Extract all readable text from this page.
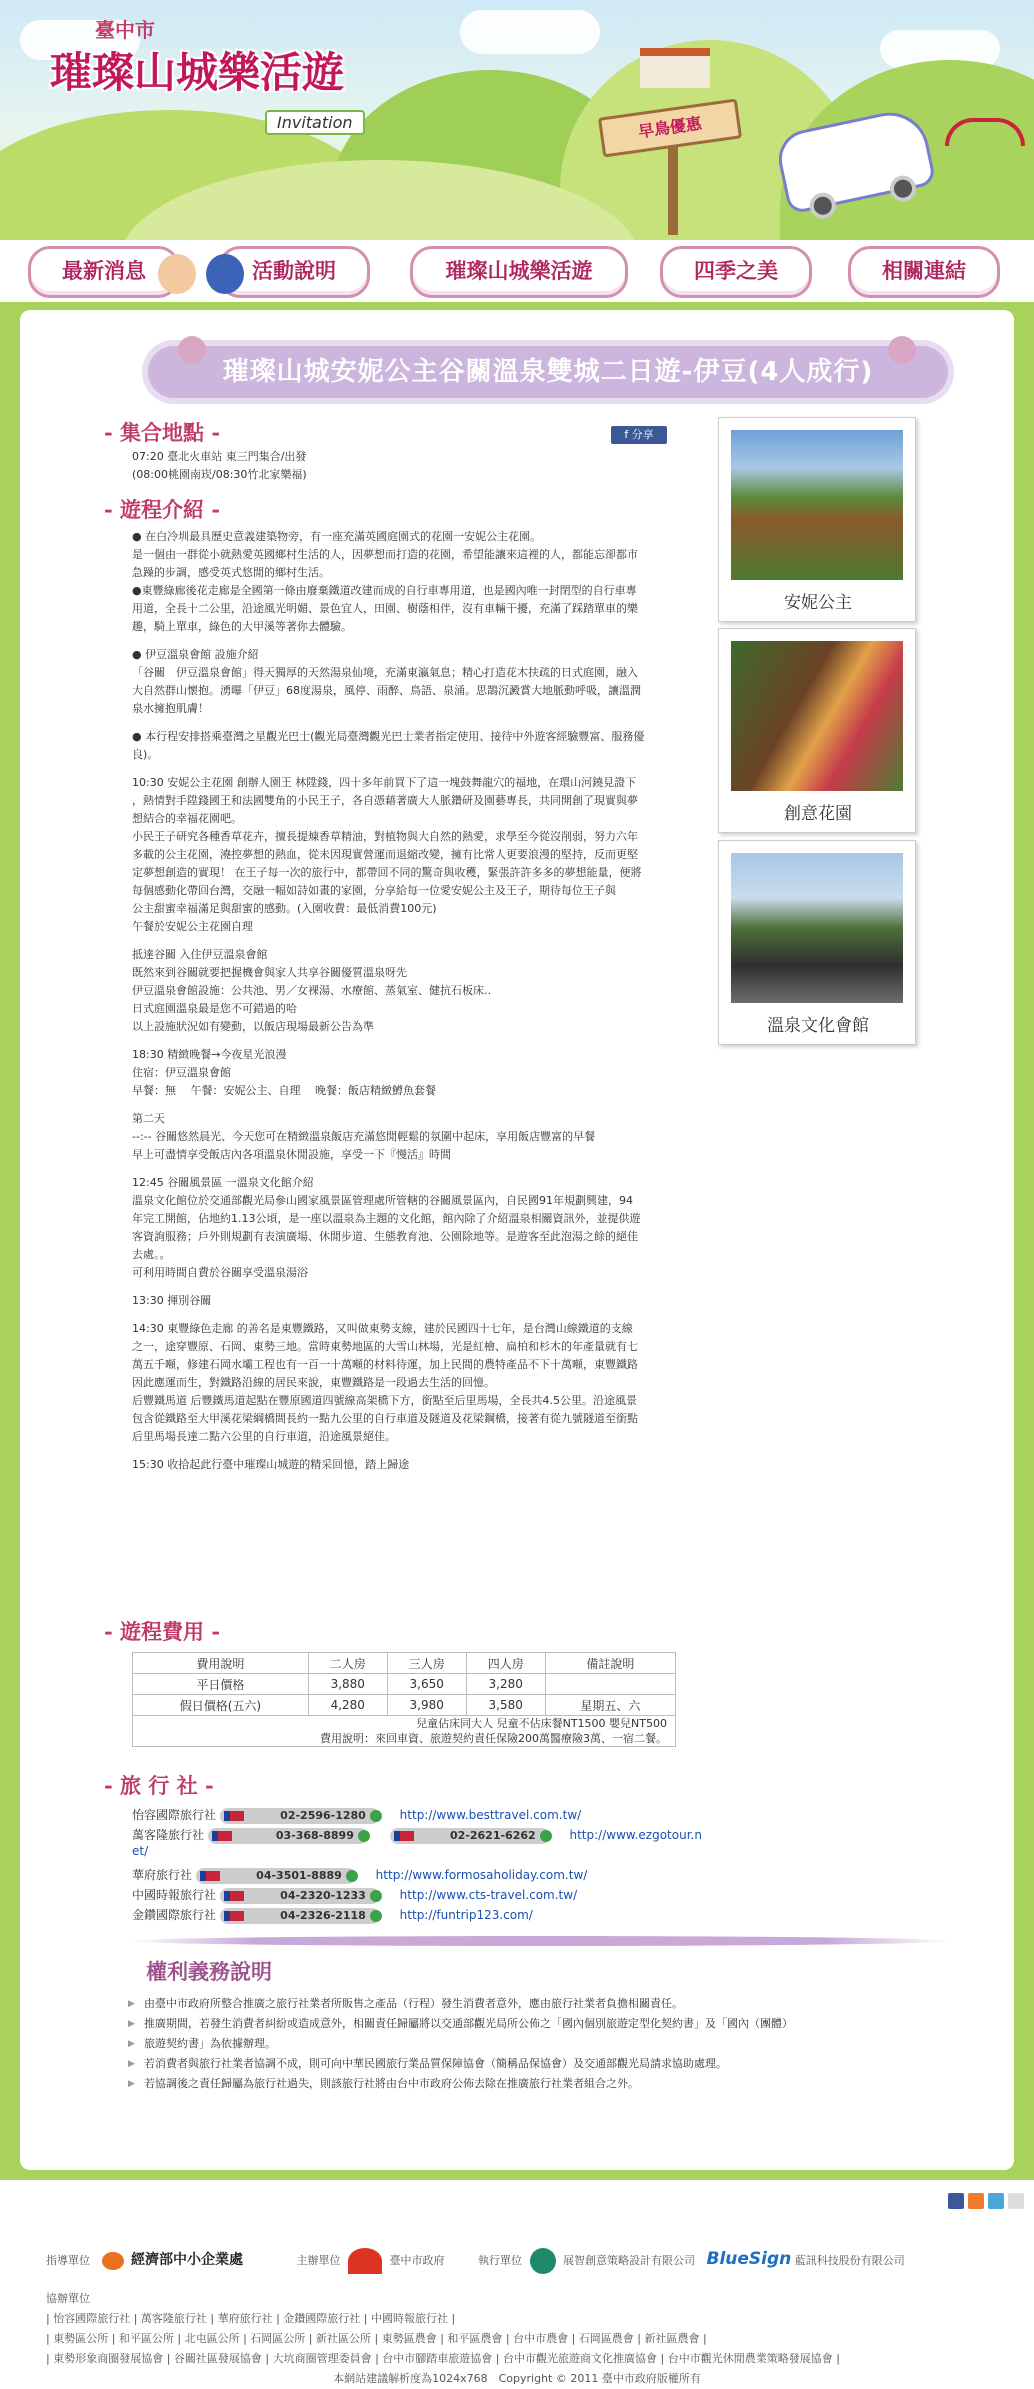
臺中市
璀璨山城樂活遊
Invitation	早鳥優惠
最新消息	活動說明	璀璨山城樂活遊	四季之美	相關連結
璀璨山城安妮公主谷關溫泉雙城二日遊-伊豆(4人成行)
- 集合地點 -	f 分享
07:20 臺北火車站 東三門集合/出發
(08:00桃園南崁/08:30竹北家樂福)
- 遊程介紹 -
● 在白冷圳最具歷史意義建築物旁，有一座充滿英國庭園式的花園一安妮公主花園。
是一個由一群從小就熱愛英國鄉村生活的人，因夢想而打造的花園，希望能讓來這裡的人，都能忘卻都市
急躁的步調，感受英式悠閒的鄉村生活。
●東豐綠廊後花走廊是全國第一條由廢棄鐵道改建而成的自行車專用道，也是國內唯一封閉型的自行車專
用道，全長十二公里，沿途風光明媚、景色宜人，田園、樹蔭相伴，沒有車輛干擾，充滿了踩踏單車的樂
趣，騎上單車，綠色的大甲溪等著你去體驗。
● 伊豆溫泉會館 設施介紹
「谷關　伊豆溫泉會館」得天獨厚的天然湯泉仙境，充滿東瀛氣息；精心打造花木扶疏的日式庭園，融入
大自然群山懷抱。湧曝「伊豆」68度湯泉，風停、雨醉、鳥語、泉涌。思鵲沉澱賞大地脈動呼吸，讓溫潤
泉水擁抱肌膚！
● 本行程安排搭乘臺灣之星觀光巴士(觀光局臺灣觀光巴士業者指定使用、接待中外遊客經驗豐富、服務優
良)。
10:30 安妮公主花園 創辦人園王 林陞錢，四十多年前買下了這一塊鼓舞龍穴的福地，在環山河鐃見證下
，熱情對手陞錢國王和法國雙角的小民王子，各自憑藉著廣大人脈鑽研及園藝專長，共同開創了現實與夢
想結合的幸福花園吧。
小民王子研究各種香草花卉，擅長提煉香草精油，對植物與大自然的熱愛，求學至今從沒削弱，努力六年
多載的公主花園，澆控夢想的熱血，從未因現實營運而退縮改變，擁有比常人更要浪漫的堅持，反而更堅
定夢想創造的實現！ 在王子每一次的旅行中，都帶回不同的驚奇與收穫，緊張許許多多的夢想能量，便將
每個感動化帶回台灣，交融一幅如詩如畫的家園，分享給每一位愛安妮公主及王子，期待每位王子與
公主甜蜜幸福滿足與甜蜜的感動。(入園收費：最低消費100元)
午餐於安妮公主花園自理
抵達谷關 入住伊豆溫泉會館
既然來到谷關就要把握機會與家人共享谷關優質溫泉呀先
伊豆溫泉會館設施：公共池、男／女裸湯、水療館、蒸氣室、健抗石板床..
日式庭園溫泉最是您不可錯過的哈
以上設施狀況如有變動，以飯店現場最新公告為準
18:30 精緻晚餐→今夜星光浪漫
住宿：伊豆溫泉會館
早餐：無　 午餐：安妮公主、自理　 晚餐：飯店精緻鱒魚套餐
第二天
--:-- 谷關悠然晨光、今天您可在精緻溫泉飯店充滿悠閒輕鬆的氛圍中起床，享用飯店豐富的早餐
早上可盡情享受飯店內各項溫泉休閒設施，享受一下『慢活』時間
12:45 谷關風景區 一溫泉文化館介紹
溫泉文化館位於交通部觀光局參山國家風景區管理處所管轄的谷關風景區內，自民國91年規劃興建，94
年完工開館，佔地約1.13公頃，是一座以溫泉為主題的文化館，館內除了介紹溫泉相關資訊外，並提供遊
客資詢服務；戶外則規劃有表演廣場、休閒步道、生態教育池、公園除地等。是遊客至此泡湯之餘的絕佳
去處。。
可利用時間自費於谷關享受溫泉湯浴
13:30 揮別谷關
14:30 東豐綠色走廊 的善名是東豐鐵路，又叫做東勢支線，建於民國四十七年，是台灣山線鐵道的支線
之一，途穿豐原、石岡、東勢三地。當時東勢地區的大雪山林場，光是紅檜、扁柏和杉木的年產量就有七
萬五千噸，修建石岡水壩工程也有一百一十萬噸的材料待運，加上民間的農特產品不下十萬噸，東豐鐵路
因此應運而生，對鐵路沿線的居民來說，東豐鐵路是一段過去生活的回憶。
后豐鐵馬道 后豐鐵馬道起點在豐原國道四號線高架橋下方，銜點至后里馬場，全長共4.5公里。沿途風景
包含從鐵路至大甲溪花梁綱橋間長約一點九公里的自行車道及隧道及花梁鋼橋，接著有從九號隧道至銜點
后里馬場長達二點六公里的自行車道，沿途風景絕佳。
15:30 收拾起此行臺中璀璨山城遊的精采回憶，踏上歸途
安妮公主
創意花園
溫泉文化會館
- 遊程費用 -
費用說明	二人房	三人房	四人房	備註說明
平日價格	3,880	3,650	3,280	
假日價格(五六)	4,280	3,980	3,580	星期五、六

兒童佔床同大人 兒童不佔床餐NT1500 嬰兒NT500
費用說明：來回車資、旅遊契約責任保險200萬醫療險3萬、一宿二餐。				
- 旅 行 社 -
怡容國際旅行社	02-2596-1280	http://www.besttravel.com.tw/
萬客隆旅行社	03-368-8899	02-2621-6262	http://www.ezgotour.n
et/
華府旅行社	04-3501-8889	http://www.formosaholiday.com.tw/
中國時報旅行社	04-2320-1233	http://www.cts-travel.com.tw/
金鑽國際旅行社	04-2326-2118	http://funtrip123.com/
權利義務說明
▶ 由臺中市政府所整合推廣之旅行社業者所販售之產品（行程）發生消費者意外，應由旅行社業者負擔相關責任。
▶ 推廣期間，若發生消費者糾紛或造成意外，相關責任歸屬將以交通部觀光局所公佈之「國內個別旅遊定型化契約書」及「國內（團體）
▶ 旅遊契約書」為依據辦理。
▶ 若消費者與旅行社業者協調不成，則可向中華民國旅行業品質保障協會（簡稱品保協會）及交通部觀光局請求協助處理。
▶ 若協調後之責任歸屬為旅行社過失，則該旅行社將由台中市政府公佈去除在推廣旅行社業者組合之外。
指導單位	經濟部中小企業處	主辦單位	臺中市政府	執行單位	展智創意策略設計有限公司 BlueSign 藍訊科技股份有限公司
協辦單位
| 怡容國際旅行社 | 萬客隆旅行社 | 華府旅行社 | 金鑽國際旅行社 | 中國時報旅行社 |
| 東勢區公所 | 和平區公所 | 北屯區公所 | 石岡區公所 | 新社區公所 | 東勢區農會 | 和平區農會 | 台中市農會 | 石岡區農會 | 新社區農會 |
| 東勢形象商圈發展協會 | 谷關社區發展協會 | 大坑商圈管理委員會 | 台中市腳踏車旅遊協會 | 台中市觀光旅遊商文化推廣協會 | 台中市觀光休閒農業策略發展協會 |
本網站建議解析度為1024x768　Copyright © 2011 臺中市政府版權所有
